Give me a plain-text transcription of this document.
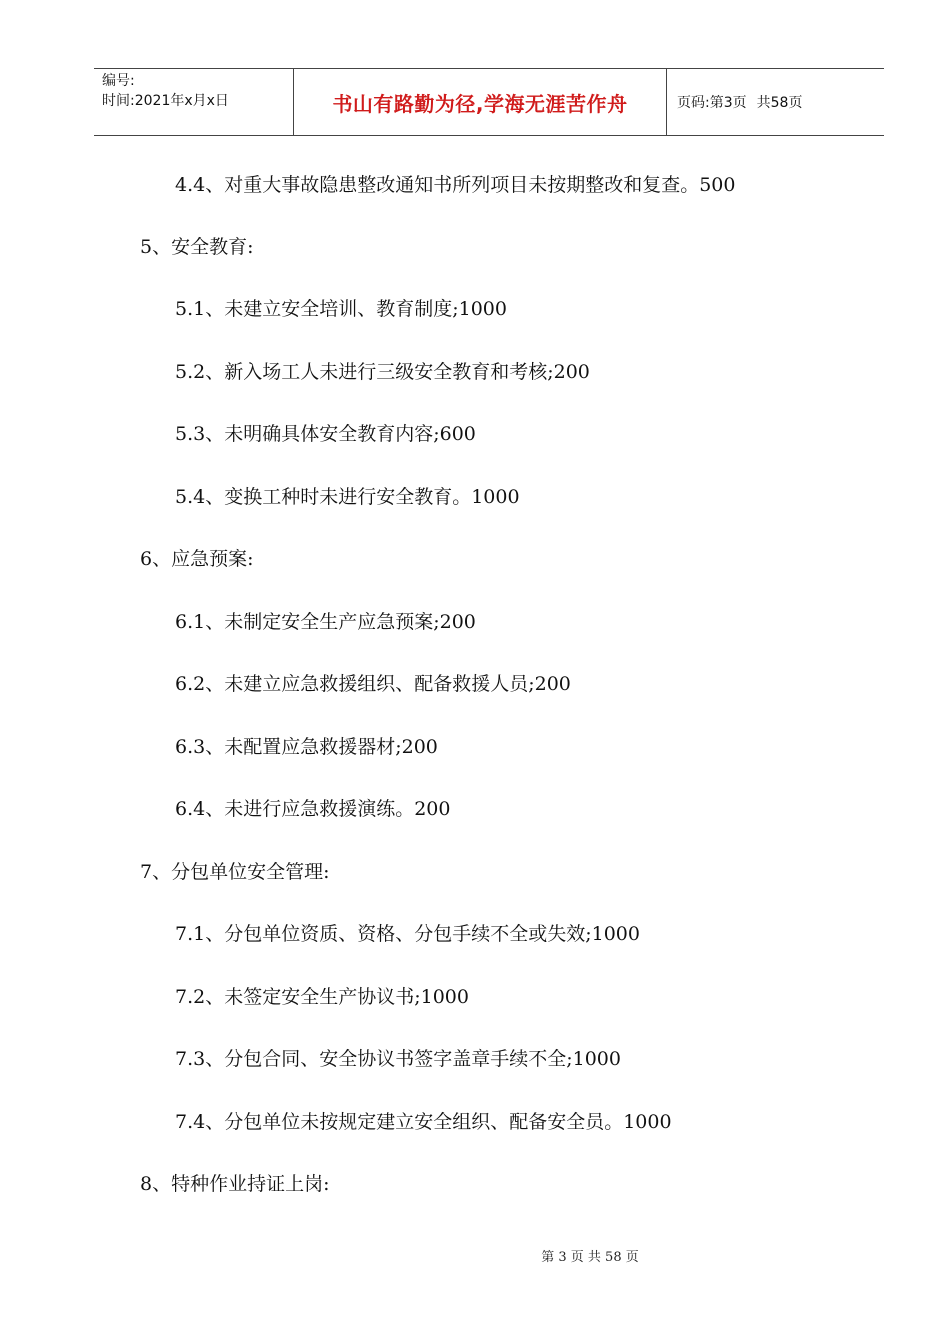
编号:
时间:2021年x月x日	书山有路勤为径,学海无涯苦作舟	页码:第3页 共58页
4.4、对重大事故隐患整改通知书所列项目未按期整改和复查。500
5、安全教育:
5.1、未建立安全培训、教育制度;1000
5.2、新入场工人未进行三级安全教育和考核;200
5.3、未明确具体安全教育内容;600
5.4、变换工种时未进行安全教育。1000
6、应急预案:
6.1、未制定安全生产应急预案;200
6.2、未建立应急救援组织、配备救援人员;200
6.3、未配置应急救援器材;200
6.4、未进行应急救援演练。200
7、分包单位安全管理:
7.1、分包单位资质、资格、分包手续不全或失效;1000
7.2、未签定安全生产协议书;1000
7.3、分包合同、安全协议书签字盖章手续不全;1000
7.4、分包单位未按规定建立安全组织、配备安全员。1000
8、特种作业持证上岗:
第 3 页 共 58 页
